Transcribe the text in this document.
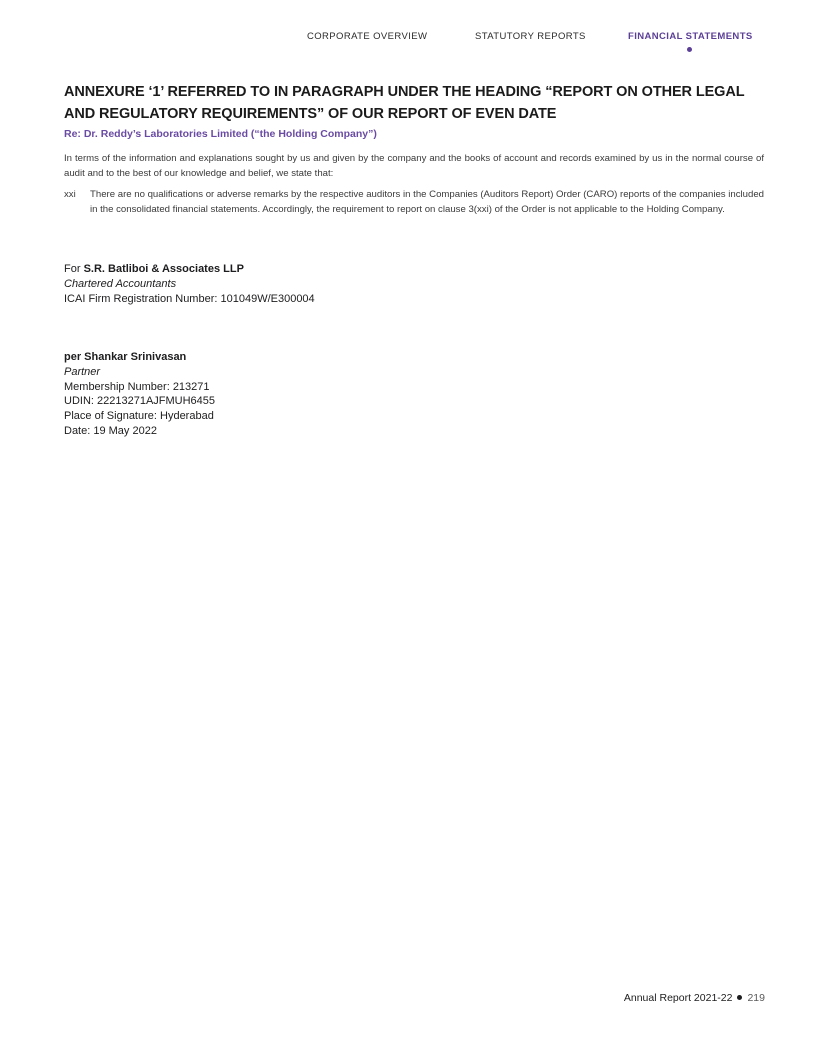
CORPORATE OVERVIEW	STATUTORY REPORTS	FINANCIAL STATEMENTS
ANNEXURE ‘1’ REFERRED TO IN PARAGRAPH UNDER THE HEADING “REPORT ON OTHER LEGAL AND REGULATORY REQUIREMENTS” OF OUR REPORT OF EVEN DATE

Re: Dr. Reddy’s Laboratories Limited (“the Holding Company”)

In terms of the information and explanations sought by us and given by the company and the books of account and records examined by us in the normal course of audit and to the best of our knowledge and belief, we state that:

xxi There are no qualifications or adverse remarks by the respective auditors in the Companies (Auditors Report) Order (CARO) reports of the companies included in the consolidated financial statements. Accordingly, the requirement to report on clause 3(xxi) of the Order is not applicable to the Holding Company.
For S.R. Batliboi & Associates LLP
Chartered Accountants
ICAI Firm Registration Number: 101049W/E300004
per Shankar Srinivasan
Partner
Membership Number: 213271
UDIN: 22213271AJFMUH6455
Place of Signature: Hyderabad
Date: 19 May 2022
Annual Report 2021-22 219
